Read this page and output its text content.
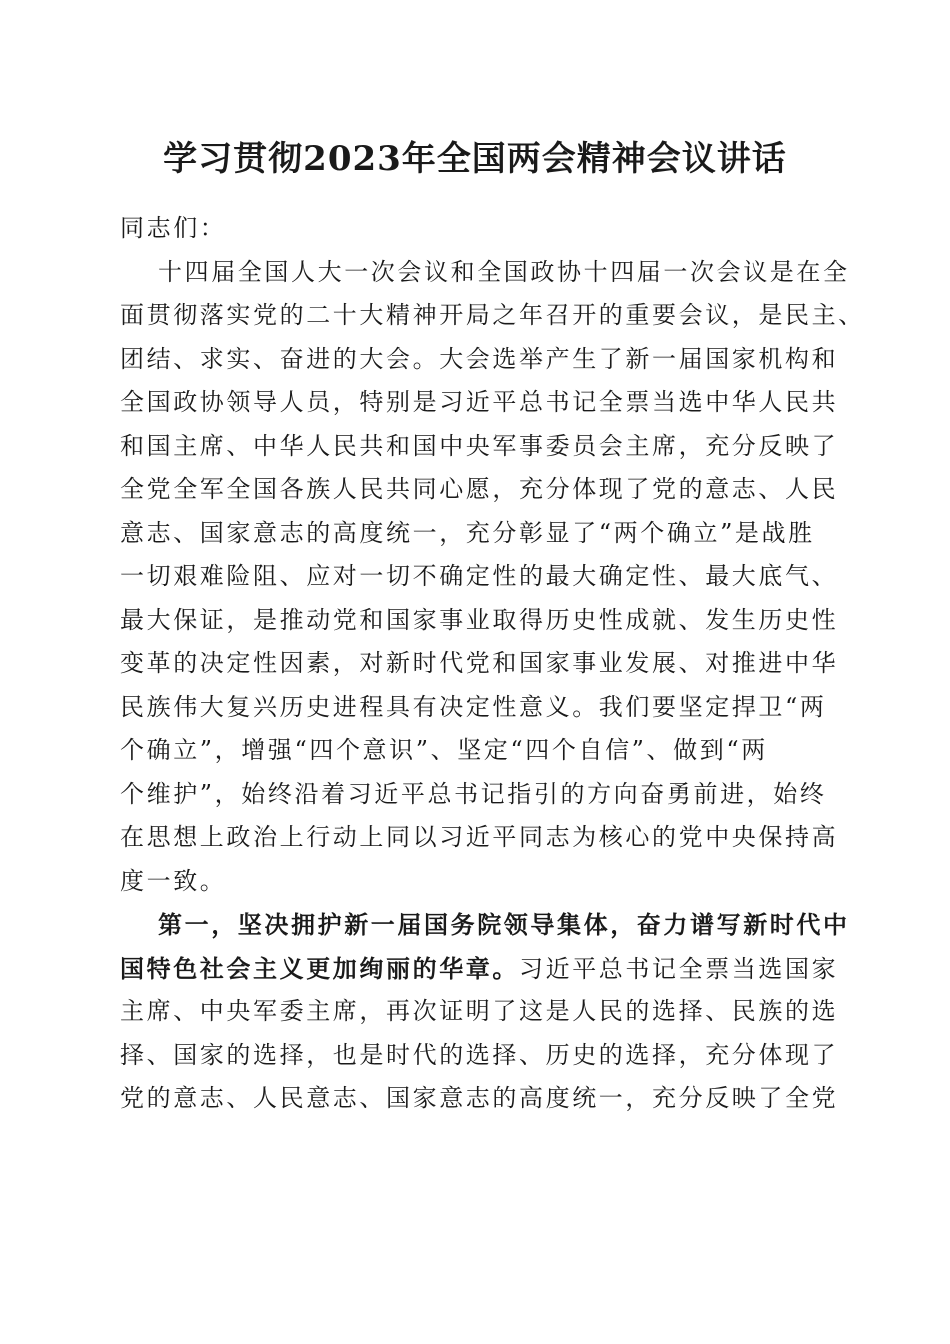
学习贯彻2023年全国两会精神会议讲话
同志们：
十四届全国人大一次会议和全国政协十四届一次会议是在全
面贯彻落实党的二十大精神开局之年召开的重要会议，是民主、
团结、求实、奋进的大会。大会选举产生了新一届国家机构和
全国政协领导人员，特别是习近平总书记全票当选中华人民共
和国主席、中华人民共和国中央军事委员会主席，充分反映了
全党全军全国各族人民共同心愿，充分体现了党的意志、人民
意志、国家意志的高度统一，充分彰显了“两个确立”是战胜
一切艰难险阻、应对一切不确定性的最大确定性、最大底气、
最大保证，是推动党和国家事业取得历史性成就、发生历史性
变革的决定性因素，对新时代党和国家事业发展、对推进中华
民族伟大复兴历史进程具有决定性意义。我们要坚定捍卫“两
个确立”，增强“四个意识”、坚定“四个自信”、做到“两
个维护”，始终沿着习近平总书记指引的方向奋勇前进，始终
在思想上政治上行动上同以习近平同志为核心的党中央保持高
度一致。
第一，坚决拥护新一届国务院领导集体，奋力谱写新时代中
国特色社会主义更加绚丽的华章。习近平总书记全票当选国家
主席、中央军委主席，再次证明了这是人民的选择、民族的选
择、国家的选择，也是时代的选择、历史的选择，充分体现了
党的意志、人民意志、国家意志的高度统一，充分反映了全党
